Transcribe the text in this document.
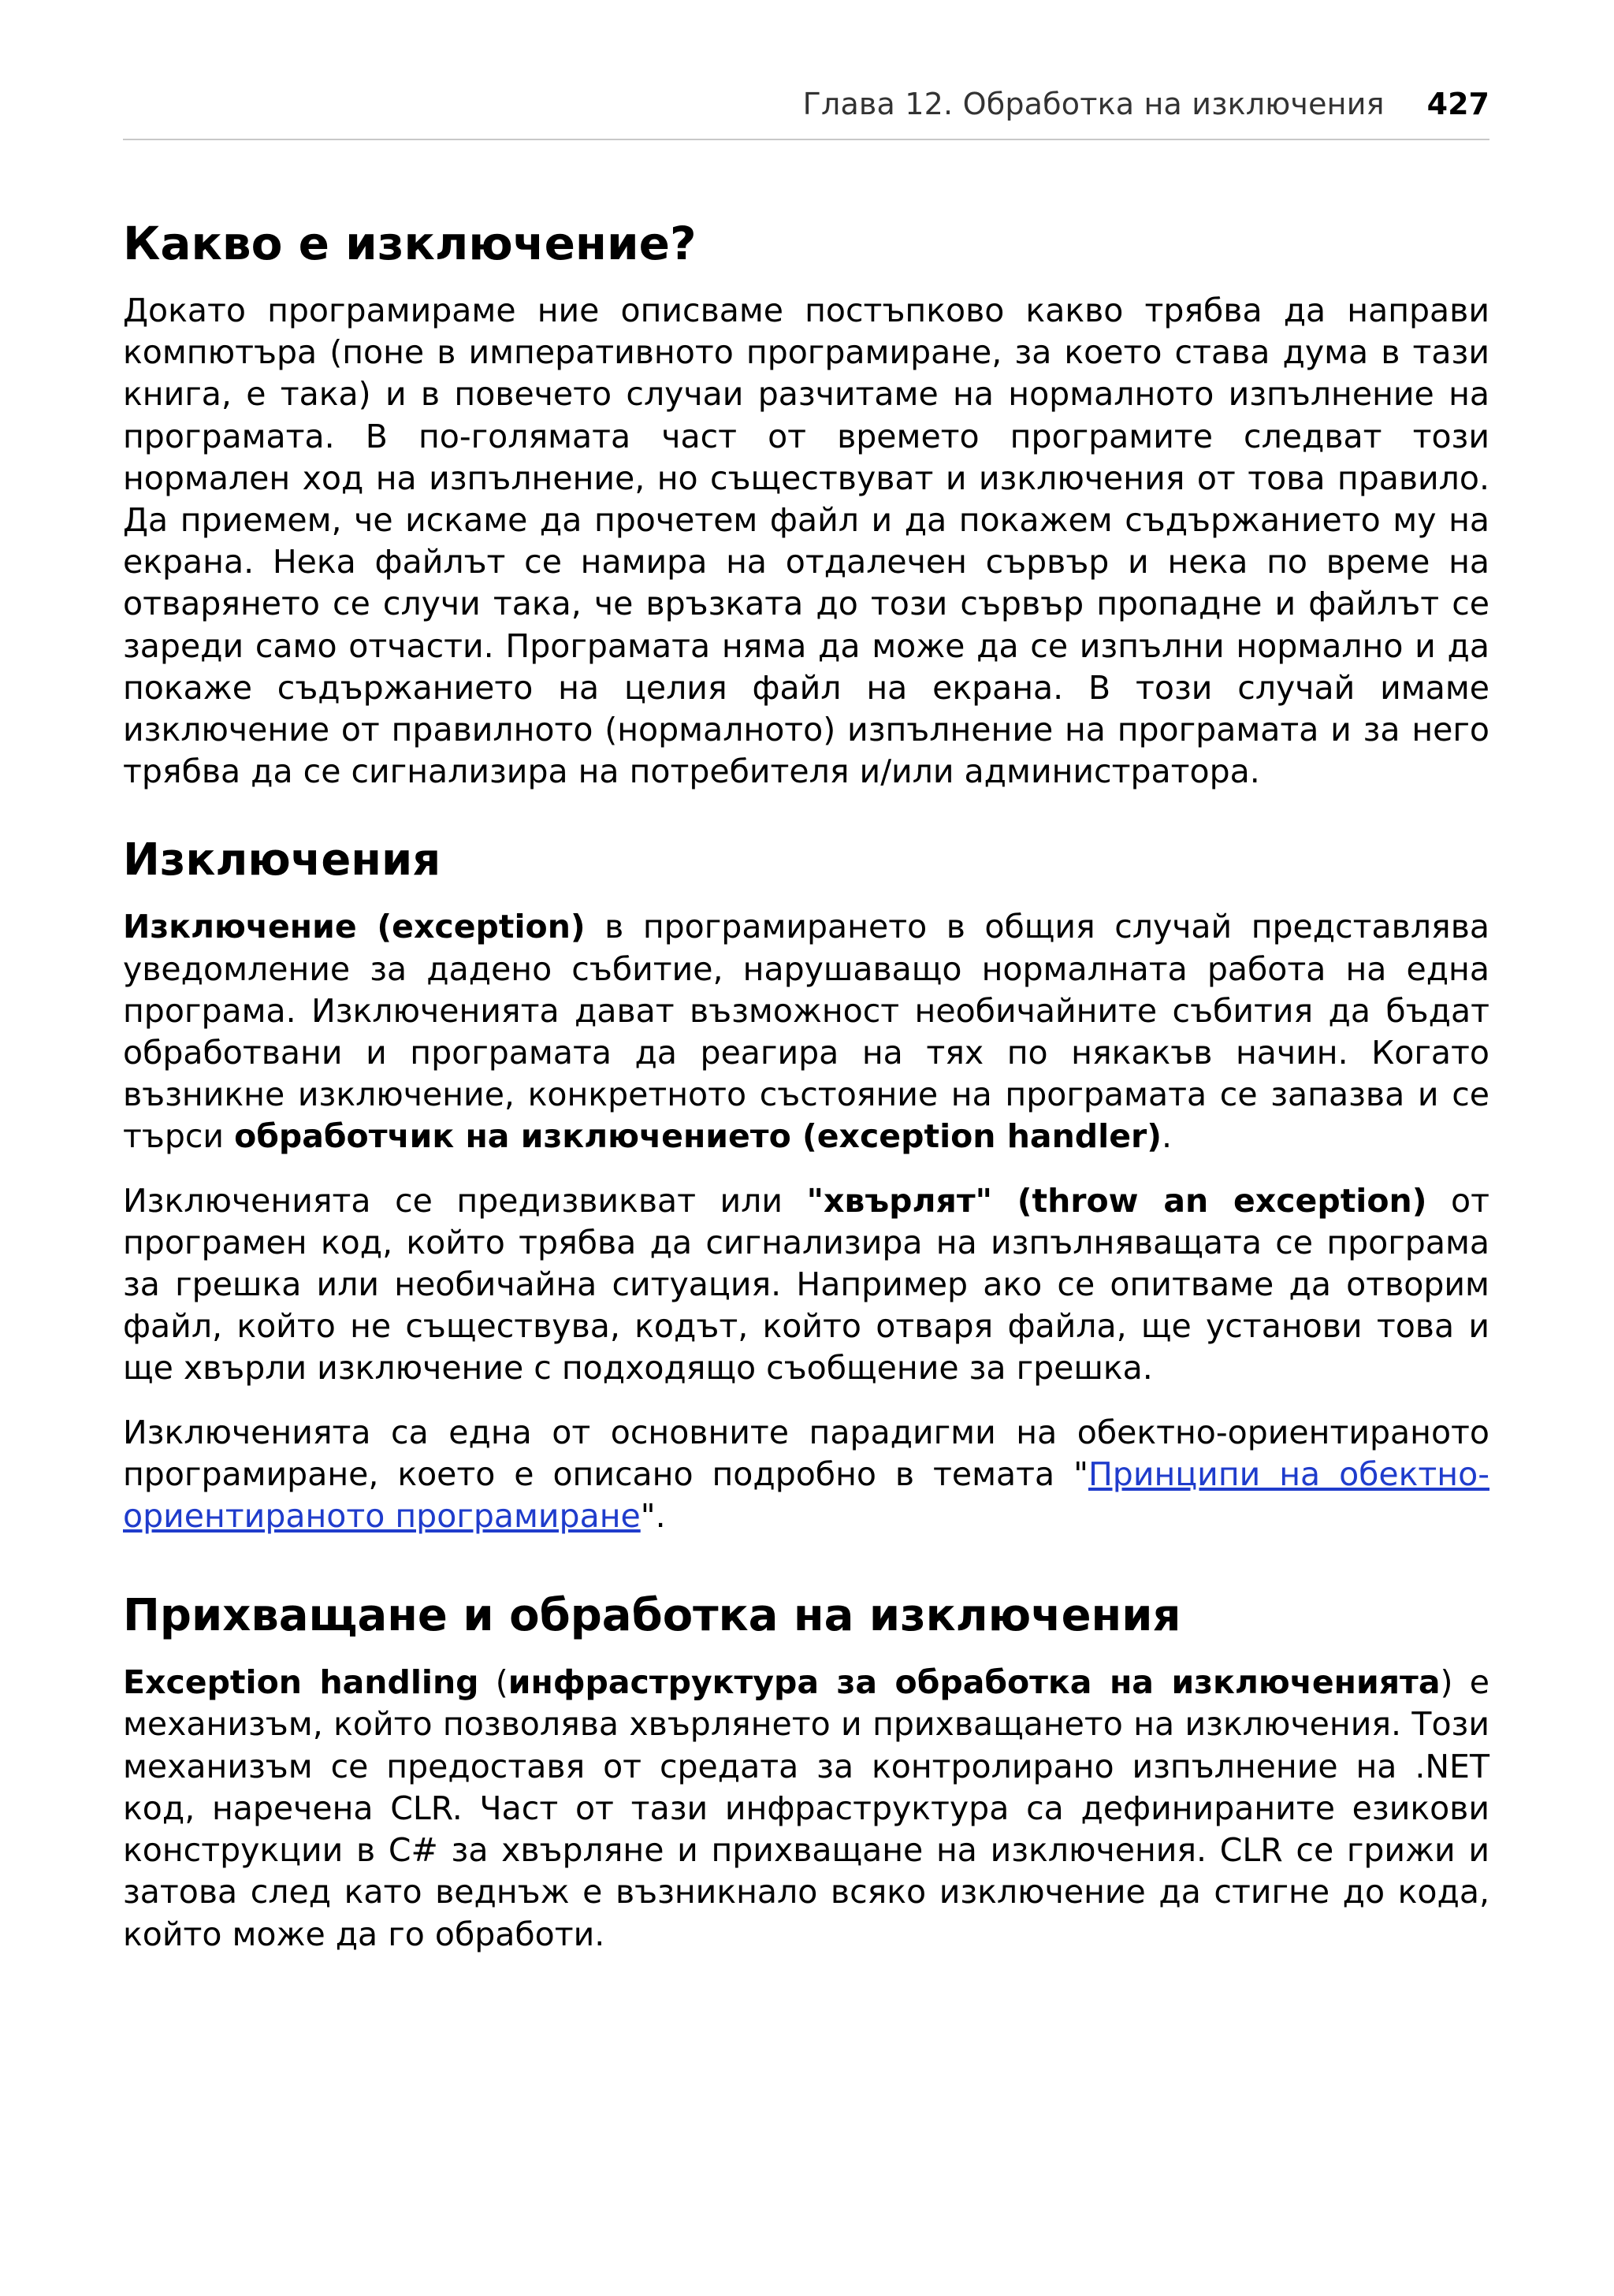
Глава 12. Обработка на изключения 427
Какво е изключение?

Докато програмираме ние описваме постъпково какво трябва да направи компютъра (поне в императивното програмиране, за което става дума в тази книга, е така) и в повечето случаи разчитаме на нормалното изпълнение на програмата. В по-голямата част от времето програмите следват този нормален ход на изпълнение, но съществуват и изключения от това правило. Да приемем, че искаме да прочетем файл и да покажем съдържанието му на екрана. Нека файлът се намира на отдалечен сървър и нека по време на отварянето се случи така, че връзката до този сървър пропадне и файлът се зареди само отчасти. Програмата няма да може да се изпълни нормално и да покаже съдържанието на целия файл на екрана. В този случай имаме изключение от правилното (нормалното) изпълнение на програмата и за него трябва да се сигнализира на потребителя и/или администратора.

Изключения

Изключение (exception) в програмирането в общия случай представлява уведомление за дадено събитие, нарушаващо нормалната работа на една програма. Изключенията дават възможност необичайните събития да бъдат обработвани и програмата да реагира на тях по някакъв начин. Когато възникне изключение, конкретното състояние на програмата се запазва и се търси обработчик на изключението (exception handler).

Изключенията се предизвикват или "хвърлят" (throw an exception) от програмен код, който трябва да сигнализира на изпълняващата се програма за грешка или необичайна ситуация. Например ако се опитваме да отворим файл, който не съществува, кодът, който отваря файла, ще установи това и ще хвърли изключение с подходящо съобщение за грешка.

Изключенията са една от основните парадигми на обектно-ориентираното програмиране, което е описано подробно в темата "Принципи на обектно-ориентираното програмиране".

Прихващане и обработка на изключения

Exception handling (инфраструктура за обработка на изключенията) е механизъм, който позволява хвърлянето и прихващането на изключения. Този механизъм се предоставя от средата за контролирано изпълнение на .NET код, наречена CLR. Част от тази инфраструктура са дефинираните езикови конструкции в C# за хвърляне и прихващане на изключения. CLR се грижи и затова след като веднъж е възникнало всяко изключение да стигне до кода, който може да го обработи.
